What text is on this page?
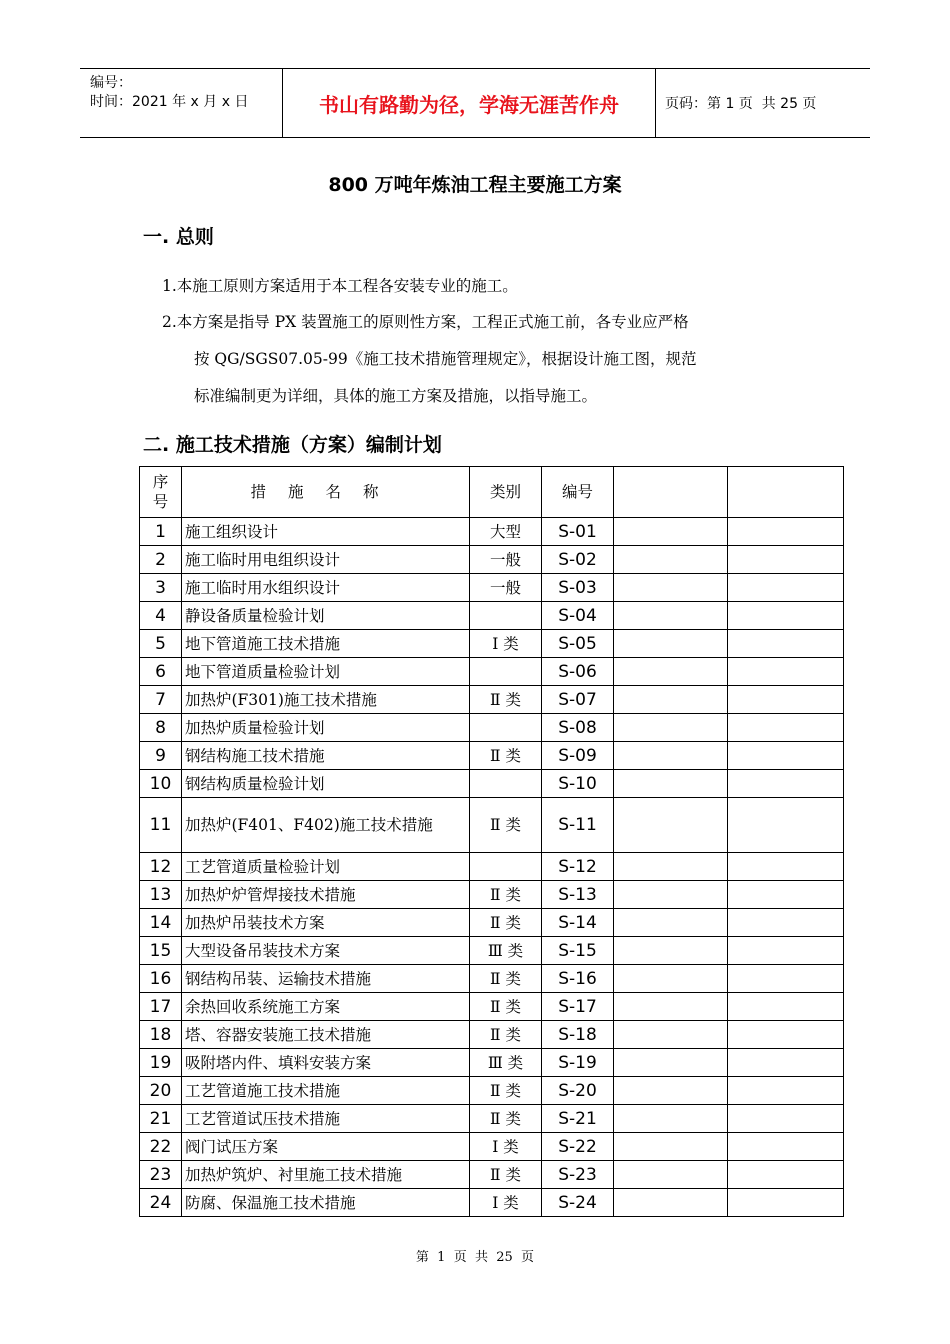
编号：
时间：2021 年 x 月 x 日	书山有路勤为径，学海无涯苦作舟	页码：第 1 页  共 25 页
800 万吨年炼油工程主要施工方案
一. 总则
1.本施工原则方案适用于本工程各安装专业的施工。
2.本方案是指导 PX 装置施工的原则性方案，工程正式施工前，各专业应严格
按 QG/SGS07.05-99《施工技术措施管理规定》，根据设计施工图，规范
标准编制更为详细，具体的施工方案及措施，以指导施工。
二. 施工技术措施（方案）编制计划
序
号	措施名称	类别	编号		
1	施工组织设计	大型	S-01		
2	施工临时用电组织设计	一般	S-02		
3	施工临时用水组织设计	一般	S-03		
4	静设备质量检验计划		S-04		
5	地下管道施工技术措施	Ⅰ 类	S-05		
6	地下管道质量检验计划		S-06		
7	加热炉(F301)施工技术措施	Ⅱ 类	S-07		
8	加热炉质量检验计划		S-08		
9	钢结构施工技术措施	Ⅱ 类	S-09		
10	钢结构质量检验计划		S-10		
11	加热炉(F401、F402)施工技术措施	Ⅱ 类	S-11		
12	工艺管道质量检验计划		S-12		
13	加热炉炉管焊接技术措施	Ⅱ 类	S-13		
14	加热炉吊装技术方案	Ⅱ 类	S-14		
15	大型设备吊装技术方案	Ⅲ 类	S-15		
16	钢结构吊装、运输技术措施	Ⅱ 类	S-16		
17	余热回收系统施工方案	Ⅱ 类	S-17		
18	塔、容器安装施工技术措施	Ⅱ 类	S-18		
19	吸附塔内件、填料安装方案	Ⅲ 类	S-19		
20	工艺管道施工技术措施	Ⅱ 类	S-20		
21	工艺管道试压技术措施	Ⅱ 类	S-21		
22	阀门试压方案	Ⅰ 类	S-22		
23	加热炉筑炉、衬里施工技术措施	Ⅱ 类	S-23		
24	防腐、保温施工技术措施	Ⅰ 类	S-24		
第  1  页  共  25  页
